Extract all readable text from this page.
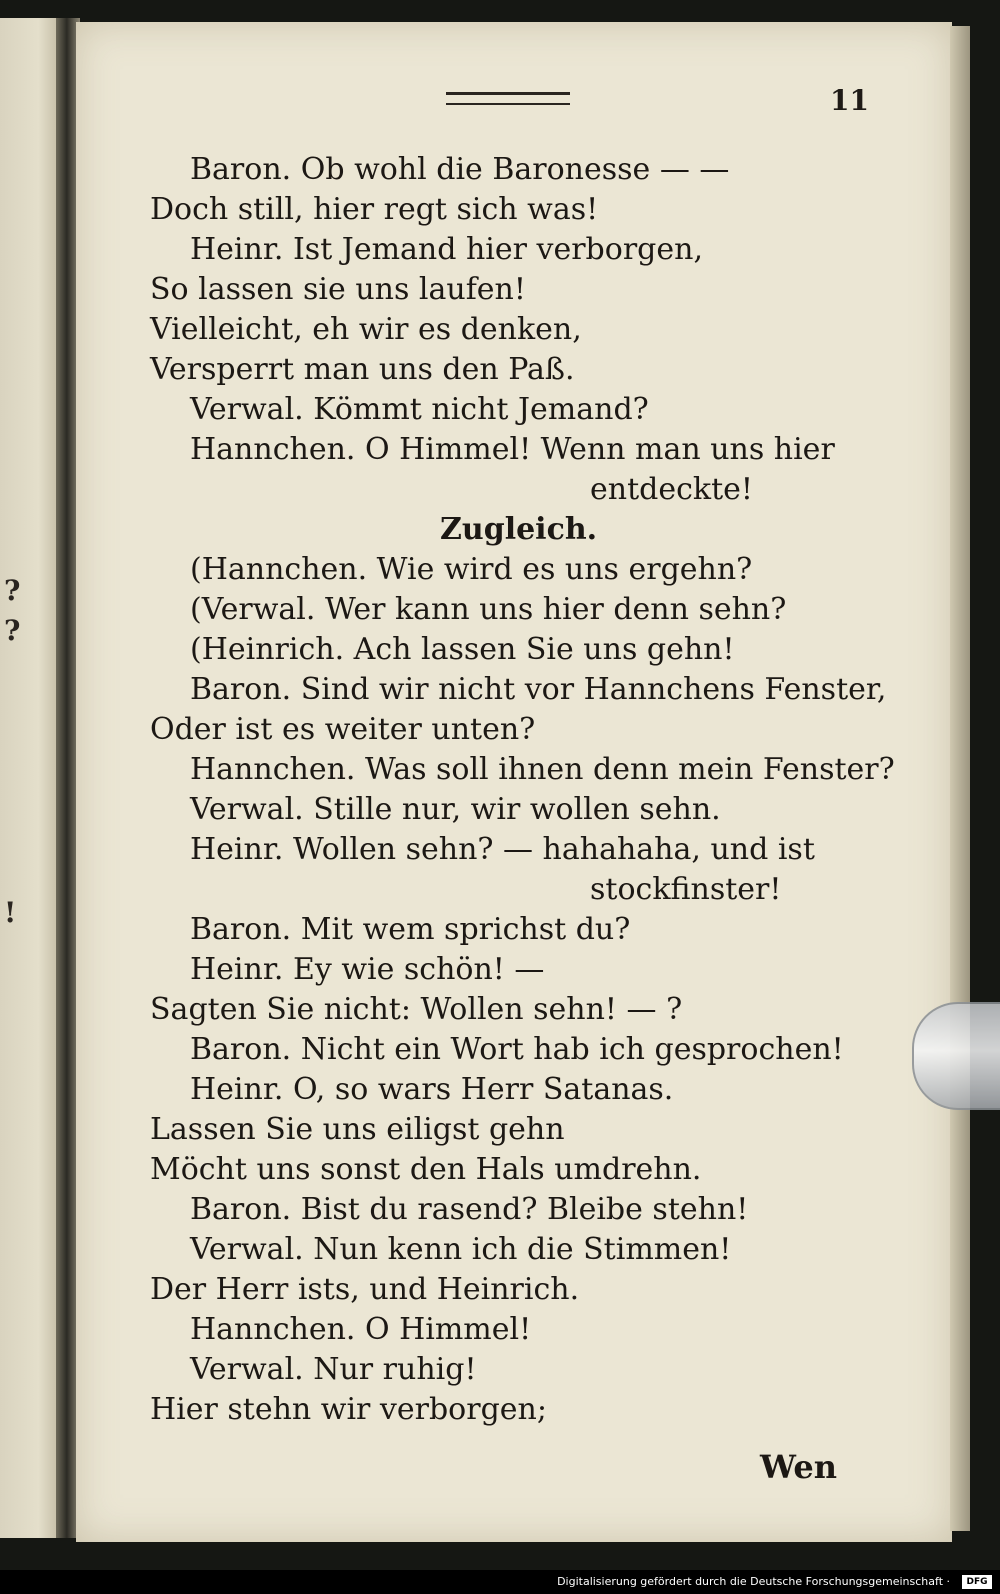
?
?
!
11
Baron. Ob wohl die Baronesse — —
Doch still, hier regt sich was!
Heinr. Ist Jemand hier verborgen,
So lassen sie uns laufen!
Vielleicht, eh wir es denken,
Versperrt man uns den Paß.
Verwal. Kömmt nicht Jemand?
Hannchen. O Himmel! Wenn man uns hier
entdeckte!
Zugleich.
(Hannchen. Wie wird es uns ergehn?
(Verwal. Wer kann uns hier denn sehn?
(Heinrich. Ach lassen Sie uns gehn!
Baron. Sind wir nicht vor Hannchens Fenster,
Oder ist es weiter unten?
Hannchen. Was soll ihnen denn mein Fenster?
Verwal. Stille nur, wir wollen sehn.
Heinr. Wollen sehn? — hahahaha, und ist
stockfinster!
Baron. Mit wem sprichst du?
Heinr. Ey wie schön! —
Sagten Sie nicht: Wollen sehn! — ?
Baron. Nicht ein Wort hab ich gesprochen!
Heinr. O, so wars Herr Satanas.
Lassen Sie uns eiligst gehn
Möcht uns sonst den Hals umdrehn.
Baron. Bist du rasend? Bleibe stehn!
Verwal. Nun kenn ich die Stimmen!
Der Herr ists, und Heinrich.
Hannchen. O Himmel!
Verwal. Nur ruhig!
Hier stehn wir verborgen;
Wen
Digitalisierung gefördert durch die Deutsche Forschungsgemeinschaft ·	DFG
